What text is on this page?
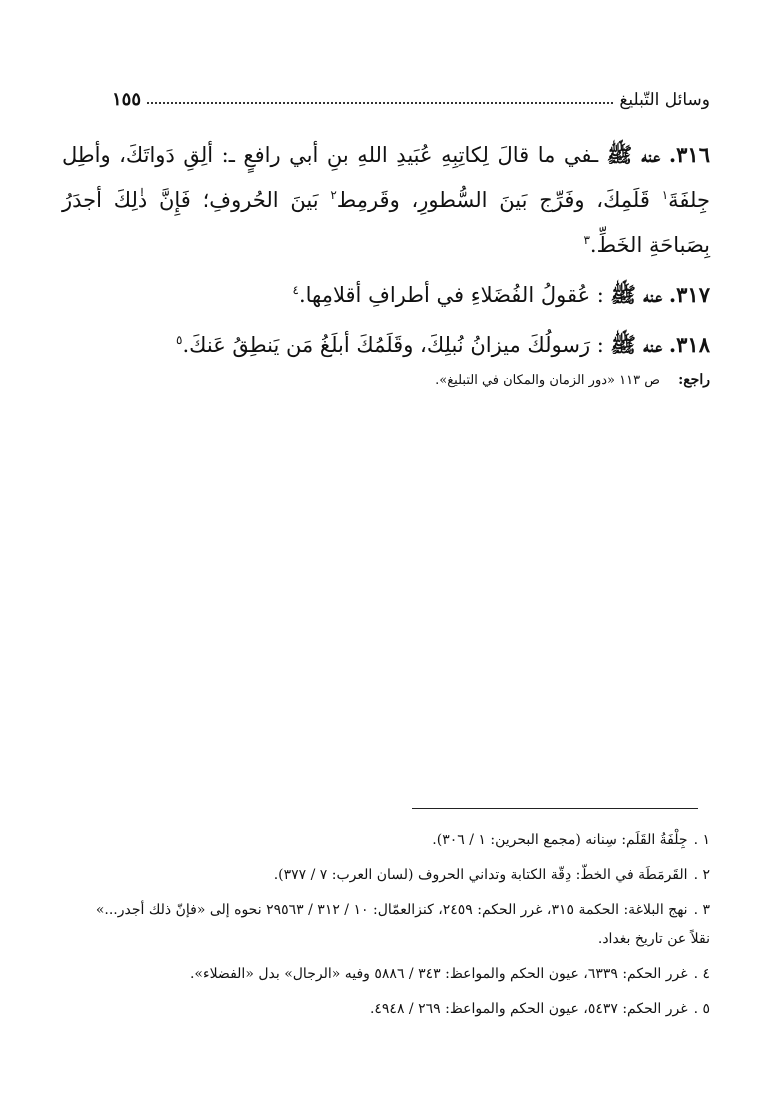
وسائل التّبليغ
١٥٥

٣١٦. عنه ﷺ ـفي ما قالَ لِكاتِبِهِ عُبَيدِ اللهِ بنِ أبي رافعٍ ـ: ألِقِ دَواتَكَ، وأطِل جِلفَةَ$^١$ قَلَمِكَ، وفَرِّج بَينَ السُّطورِ، وقَرمِط$^٢$ بَينَ الحُروفِ؛ فَإِنَّ ذٰلِكَ أجدَرُ بِصَباحَةِ الخَطِّ.$^٣$

٣١٧. عنه ﷺ : عُقولُ الفُضَلاءِ في أطرافِ أقلامِها.$^٤$

٣١٨. عنه ﷺ : رَسولُكَ ميزانُ نُبلِكَ، وقَلَمُكَ أبلَغُ مَن يَنطِقُ عَنكَ.$^٥$

راجع: ص ١١٣ «دور الزمان والمكان في التبليغ».

١ .جِلْفَةُ القَلَم: سِنانه (مجمع البحرين: ١ / ٣٠٦).

٢ .القَرمَطَة في الخطّ: دِقّة الكتابة وتداني الحروف (لسان العرب: ٧ / ٣٧٧).

٣ .نهج البلاغة: الحكمة ٣١٥، غرر الحكم: ٢٤٥٩، كنزالعمّال: ١٠ / ٣١٢ / ٢٩٥٦٣ نحوه إلى «فإنّ ذلك أجدر...» نقلاً عن تاريخ بغداد.

٤ .غرر الحكم: ٦٣٣٩، عيون الحكم والمواعظ: ٣٤٣ / ٥٨٨٦ وفيه «الرجال» بدل «الفضلاء».

٥ .غرر الحكم: ٥٤٣٧، عيون الحكم والمواعظ: ٢٦٩ / ٤٩٤٨.
